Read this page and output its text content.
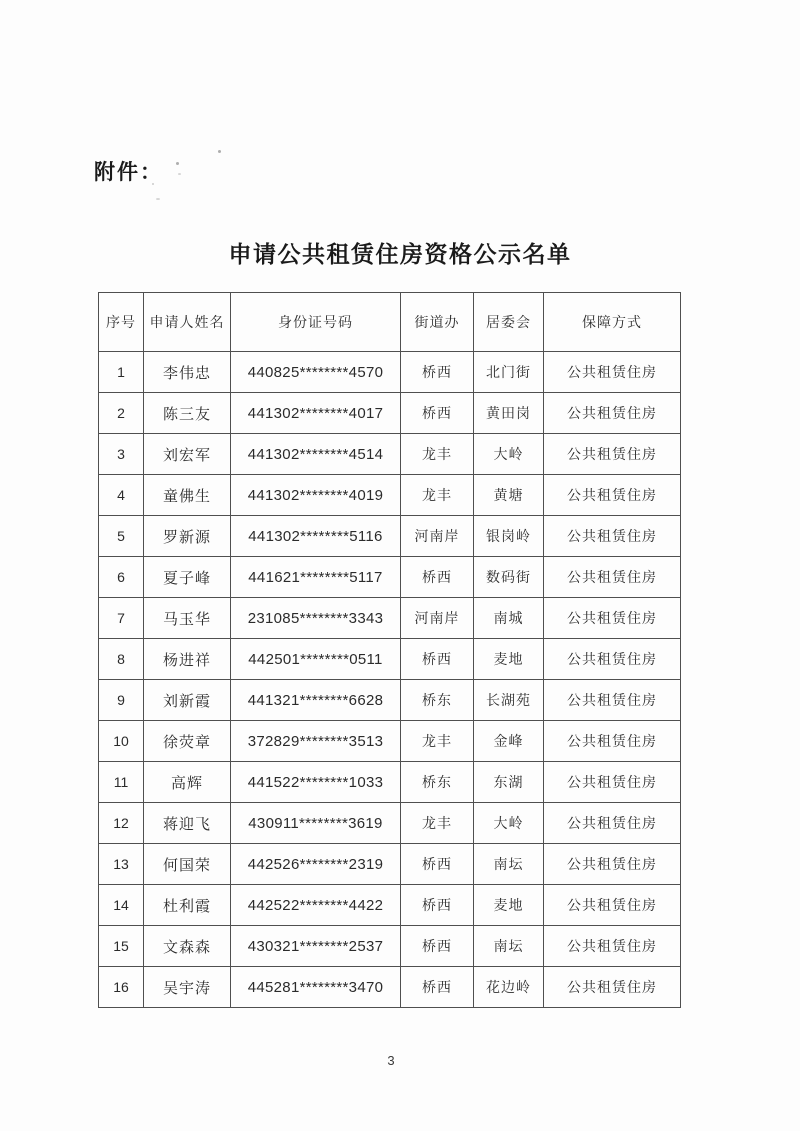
附件：
申请公共租赁住房资格公示名单
序号	申请人姓名	身份证号码	街道办	居委会	保障方式
1	李伟忠	440825********4570	桥西	北门街	公共租赁住房
2	陈三友	441302********4017	桥西	黄田岗	公共租赁住房
3	刘宏军	441302********4514	龙丰	大岭	公共租赁住房
4	童佛生	441302********4019	龙丰	黄塘	公共租赁住房
5	罗新源	441302********5116	河南岸	银岗岭	公共租赁住房
6	夏子峰	441621********5117	桥西	数码街	公共租赁住房
7	马玉华	231085********3343	河南岸	南城	公共租赁住房
8	杨进祥	442501********0511	桥西	麦地	公共租赁住房
9	刘新霞	441321********6628	桥东	长湖苑	公共租赁住房
10	徐荧章	372829********3513	龙丰	金峰	公共租赁住房
11	高辉	441522********1033	桥东	东湖	公共租赁住房
12	蒋迎飞	430911********3619	龙丰	大岭	公共租赁住房
13	何国荣	442526********2319	桥西	南坛	公共租赁住房
14	杜利霞	442522********4422	桥西	麦地	公共租赁住房
15	文森森	430321********2537	桥西	南坛	公共租赁住房
16	吴宇涛	445281********3470	桥西	花边岭	公共租赁住房
3
